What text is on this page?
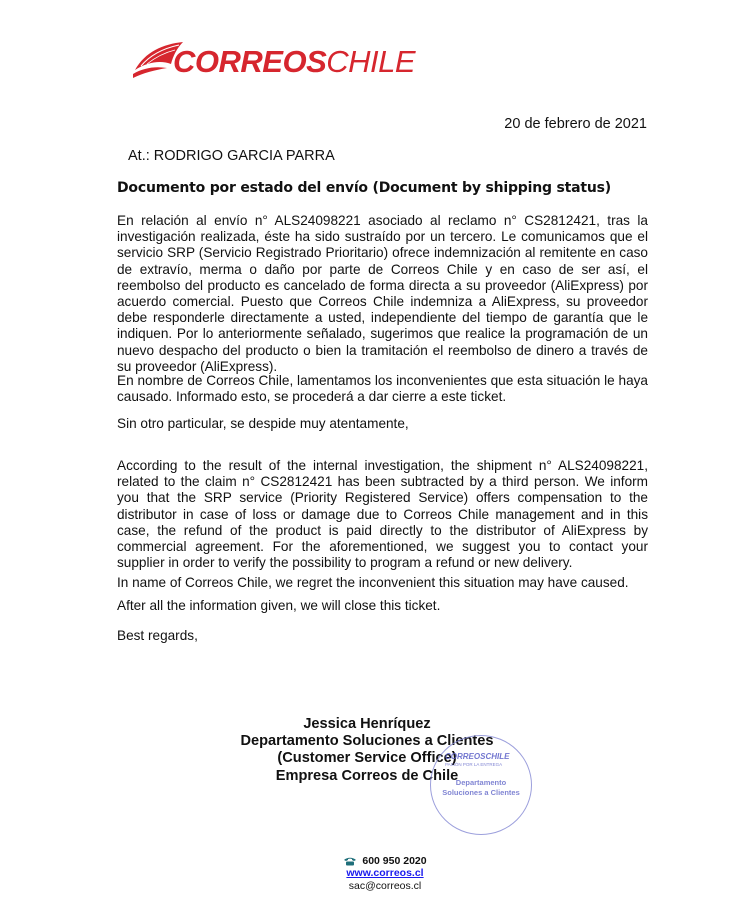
CORREOSCHILE
20 de febrero de 2021
At.: RODRIGO GARCIA PARRA
Documento por estado del envío (Document by shipping status)
En relación al envío n° ALS24098221 asociado al reclamo n° CS2812421, tras la investigación realizada, éste ha sido sustraído por un tercero. Le comunicamos que el servicio SRP (Servicio Registrado Prioritario) ofrece indemnización al remitente en caso de extravío, merma o daño por parte de Correos Chile y en caso de ser así, el reembolso del producto es cancelado de forma directa a su proveedor (AliExpress) por acuerdo comercial. Puesto que Correos Chile indemniza a AliExpress, su proveedor debe responderle directamente a usted, independiente del tiempo de garantía que le indiquen. Por lo anteriormente señalado, sugerimos que realice la programación de un nuevo despacho del producto o bien la tramitación el reembolso de dinero a través de su proveedor (AliExpress).
En nombre de Correos Chile, lamentamos los inconvenientes que esta situación le haya causado. Informado esto, se procederá a dar cierre a este ticket.
Sin otro particular, se despide muy atentamente,
According to the result of the internal investigation, the shipment n° ALS24098221, related to the claim n° CS2812421 has been subtracted by a third person. We inform you that the SRP service (Priority Registered Service) offers compensation to the distributor in case of loss or damage due to Correos Chile management and in this case, the refund of the product is paid directly to the distributor of AliExpress by commercial agreement. For the aforementioned, we suggest you to contact your supplier in order to verify the possibility to program a refund or new delivery.
In name of Correos Chile, we regret the inconvenient this situation may have caused.
After all the information given, we will close this ticket.
Best regards,
Jessica Henríquez
Departamento Soluciones a Clientes
(Customer Service Office)
Empresa Correos de Chile
CORREOSCHILE
PASIÓN POR LA ENTREGA
Departamento
Soluciones a Clientes
600 950 2020
www.correos.cl
sac@correos.cl
